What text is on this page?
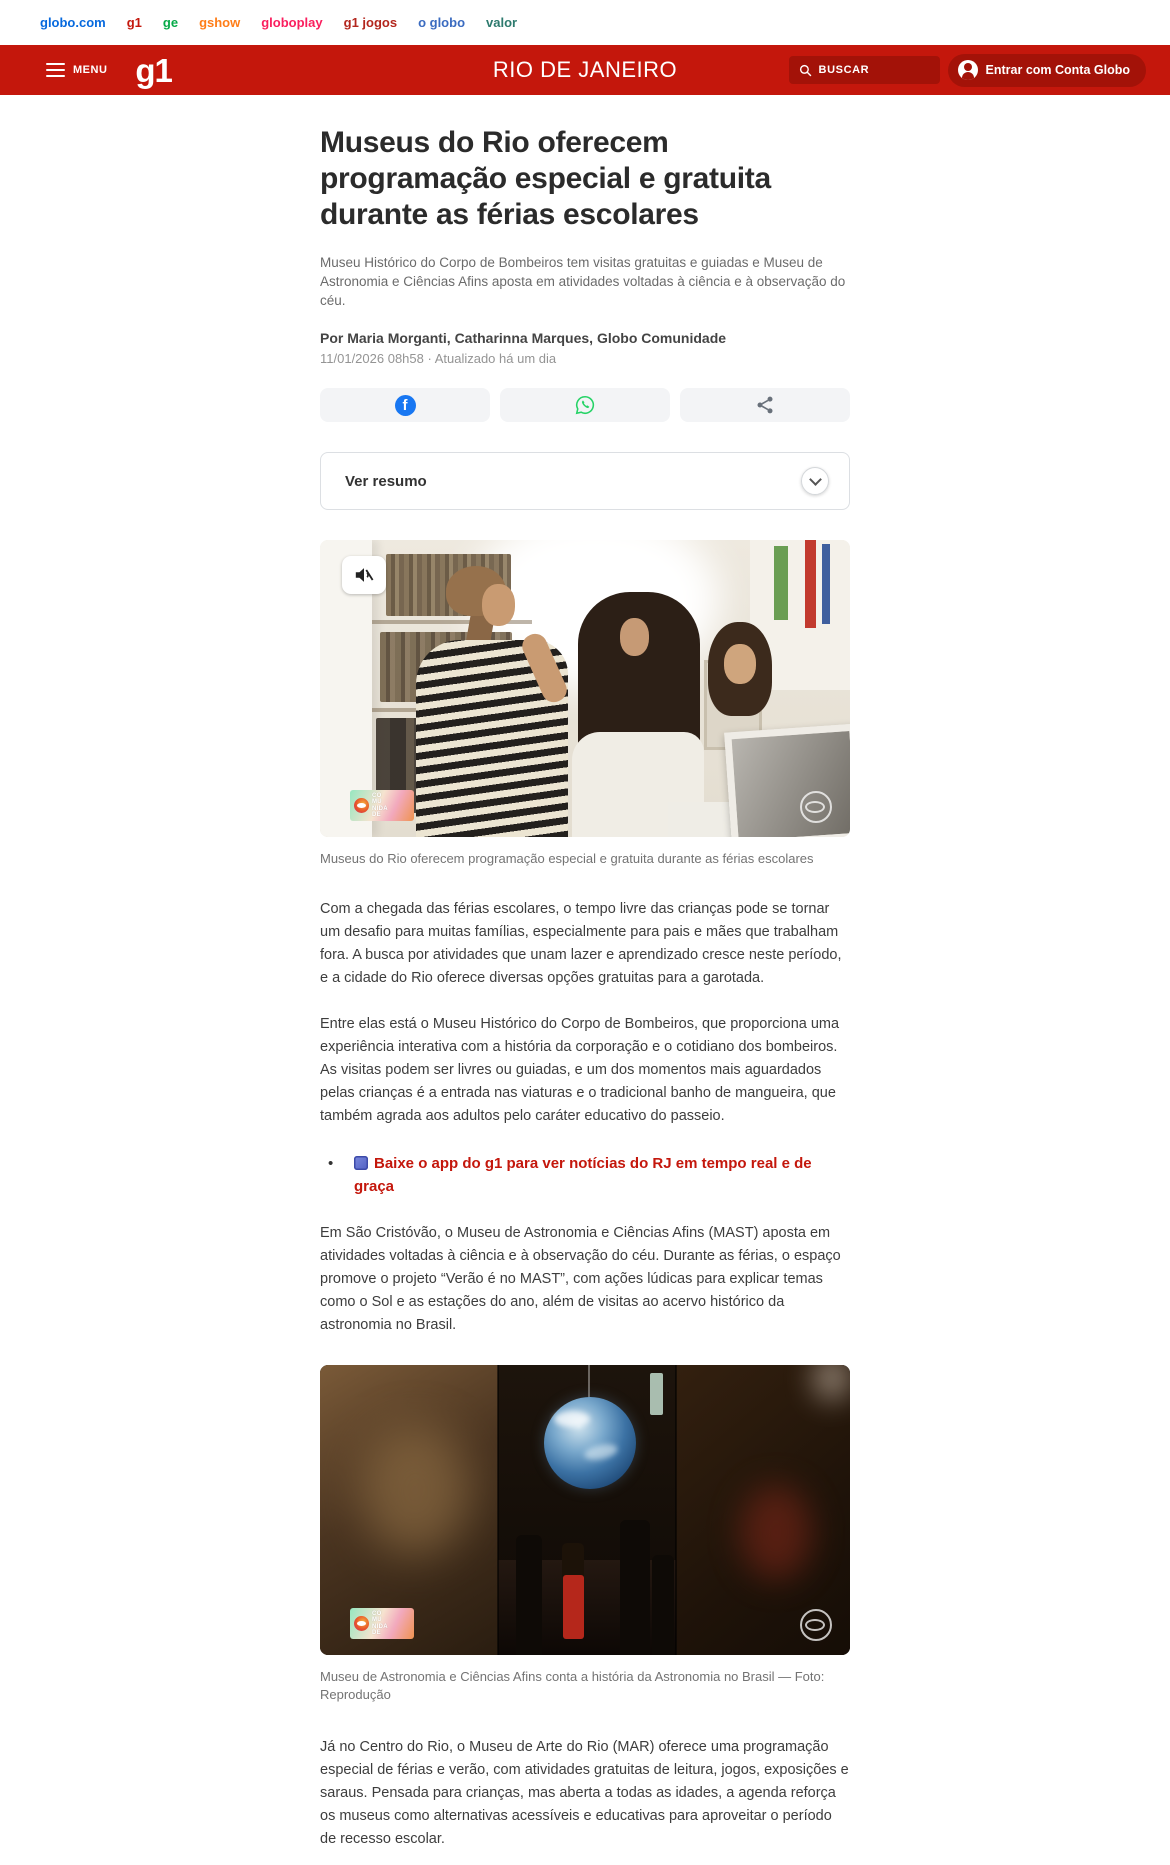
globo.com g1 ge gshow globoplay g1 jogos o globo valor
MENU g1	RIO DE JANEIRO	BUSCAR	Entrar com Conta Globo
Museus do Rio oferecem programação especial e gratuita durante as férias escolares

Museu Histórico do Corpo de Bombeiros tem visitas gratuitas e guiadas e Museu de Astronomia e Ciências Afins aposta em atividades voltadas à ciência e à observação do céu.

Por Maria Morganti, Catharinna Marques, Globo Comunidade
11/01/2026 08h58 · Atualizado há um dia
f
Ver resumo
CO
MU
NIDA
DE
Museus do Rio oferecem programação especial e gratuita durante as férias escolares

Com a chegada das férias escolares, o tempo livre das crianças pode se tornar um desafio para muitas famílias, especialmente para pais e mães que trabalham fora. A busca por atividades que unam lazer e aprendizado cresce neste período, e a cidade do Rio oferece diversas opções gratuitas para a garotada.

Entre elas está o Museu Histórico do Corpo de Bombeiros, que proporciona uma experiência interativa com a história da corporação e o cotidiano dos bombeiros. As visitas podem ser livres ou guiadas, e um dos momentos mais aguardados pelas crianças é a entrada nas viaturas e o tradicional banho de mangueira, que também agrada aos adultos pelo caráter educativo do passeio.

•	Baixe o app do g1 para ver notícias do RJ em tempo real e de graça

Em São Cristóvão, o Museu de Astronomia e Ciências Afins (MAST) aposta em atividades voltadas à ciência e à observação do céu. Durante as férias, o espaço promove o projeto “Verão é no MAST”, com ações lúdicas para explicar temas como o Sol e as estações do ano, além de visitas ao acervo histórico da astronomia no Brasil.

CO
MU
NIDA
DE
Museu de Astronomia e Ciências Afins conta a história da Astronomia no Brasil — Foto: Reprodução

Já no Centro do Rio, o Museu de Arte do Rio (MAR) oferece uma programação especial de férias e verão, com atividades gratuitas de leitura, jogos, exposições e saraus. Pensada para crianças, mas aberta a todas as idades, a agenda reforça os museus como alternativas acessíveis e educativas para aproveitar o período de recesso escolar.
